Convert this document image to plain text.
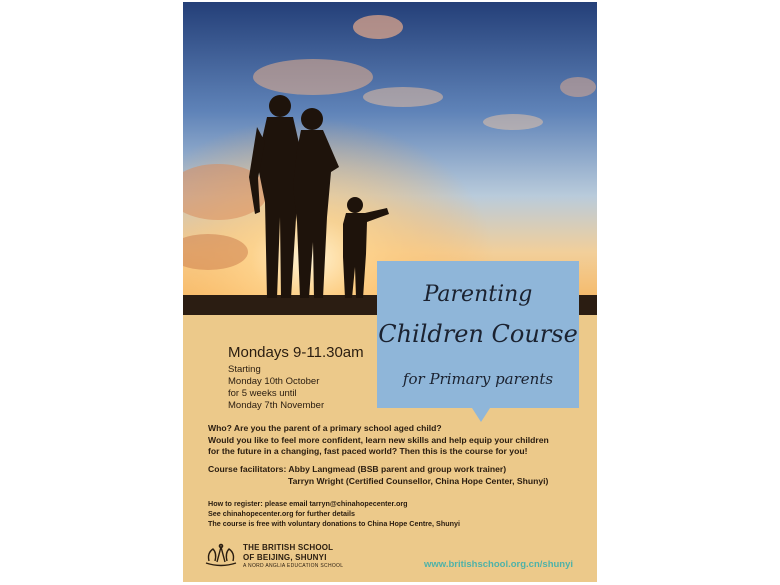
Parenting
Children Course
for Primary parents
Mondays 9-11.30am
Starting
Monday 10th October
for 5 weeks until
Monday 7th November
Who? Are you the parent of a primary school aged child?
Would you like to feel more confident, learn new skills and help equip your children
for the future in a changing, fast paced world? Then this is the course for you!
Course facilitators: Abby Langmead (BSB parent and group work trainer)
Tarryn Wright (Certified Counsellor, China Hope Center, Shunyi)
How to register: please email tarryn@chinahopecenter.org
See chinahopecenter.org for further details
The course is free with voluntary donations to China Hope Centre, Shunyi
THE BRITISH SCHOOL
OF BEIJING, SHUNYI
A NORD ANGLIA EDUCATION SCHOOL	www.britishschool.org.cn/shunyi
